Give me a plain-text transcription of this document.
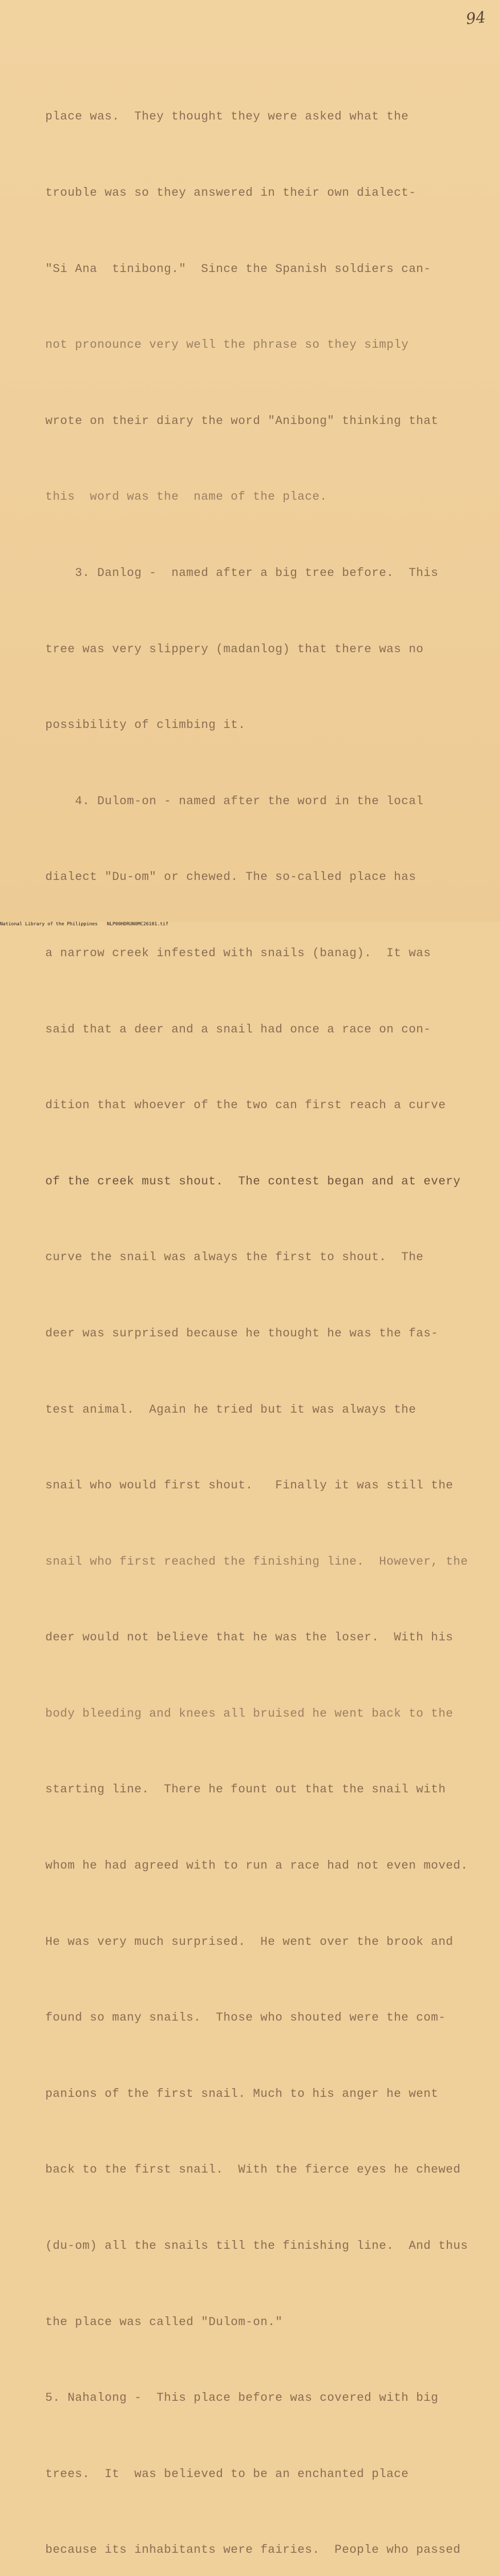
94

place was.  They thought they were asked what the

trouble was so they answered in their own dialect-

"Si Ana  tinibong."  Since the Spanish soldiers can-

not pronounce very well the phrase so they simply

wrote on their diary the word "Anibong" thinking that

this  word was the  name of the place.

3. Danlog -  named after a big tree before.  This

tree was very slippery (madanlog) that there was no

possibility of climbing it.

4. Dulom-on - named after the word in the local

dialect "Du-om" or chewed. The so-called place has

a narrow creek infested with snails (banag).  It was

said that a deer and a snail had once a race on con-

dition that whoever of the two can first reach a curve

of the creek must shout.  The contest began and at every

curve the snail was always the first to shout.  The

deer was surprised because he thought he was the fas-

test animal.  Again he tried but it was always the

snail who would first shout.   Finally it was still the

snail who first reached the finishing line.  However, the

deer would not believe that he was the loser.  With his

body bleeding and knees all bruised he went back to the

starting line.  There he fount out that the snail with

whom he had agreed with to run a race had not even moved.

He was very much surprised.  He went over the brook and

found so many snails.  Those who shouted were the com-

panions of the first snail. Much to his anger he went

back to the first snail.  With the fierce eyes he chewed

(du-om) all the snails till the finishing line.  And thus

the place was called "Dulom-on."

5. Nahalong -  This place before was covered with big

trees.  It  was believed to be an enchanted place

because its inhabitants were fairies.  People who passed

National Library of the Philippines NLP00HDRUN0MC26101.tif
